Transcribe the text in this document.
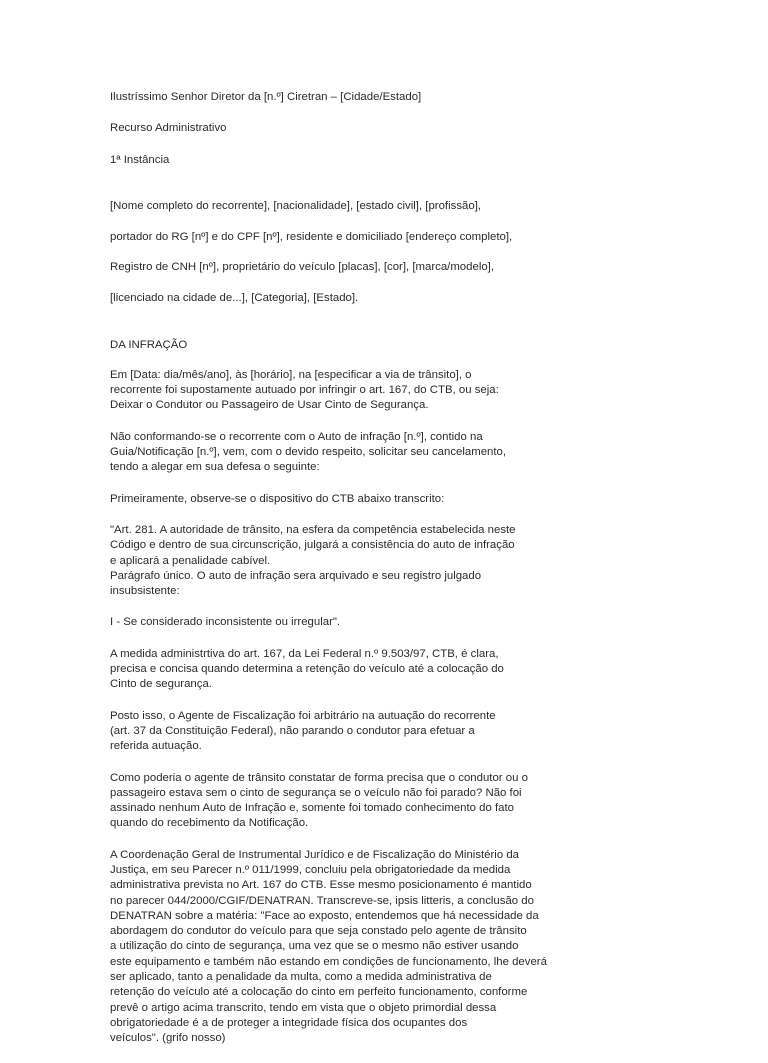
Ilustríssimo Senhor Diretor da [n.º] Ciretran – [Cidade/Estado]

Recurso Administrativo

1ª Instância

[Nome completo do recorrente], [nacionalidade], [estado civil], [profissão],

portador do RG [nº] e do CPF [nº], residente e domiciliado [endereço completo],

Registro de CNH [nº], proprietário do veículo [placas], [cor], [marca/modelo],

[licenciado na cidade de...], [Categoria], [Estado].

DA INFRAÇÃO

Em [Data: dia/mês/ano], às [horário], na [especificar a via de trânsito], o
recorrente foi supostamente autuado por infringir o art. 167, do CTB, ou seja:
Deixar o Condutor ou Passageiro de Usar Cinto de Segurança.

Não conformando-se o recorrente com o Auto de infração [n.º], contido na
Guia/Notificação [n.º], vem, com o devido respeito, solicitar seu cancelamento,
tendo a alegar em sua defesa o seguinte:

Primeiramente, observe-se o dispositivo do CTB abaixo transcrito:

"Art. 281. A autoridade de trânsito, na esfera da competência estabelecida neste
Código e dentro de sua circunscrição, julgará a consistência do auto de infração
e aplicará a penalidade cabível.
Parágrafo único. O auto de infração sera arquivado e seu registro julgado
insubsistente:

I - Se considerado inconsistente ou irregular".

A medida administrtiva do art. 167, da Lei Federal n.º 9.503/97, CTB, é clara,
precisa e concisa quando determina a retenção do veículo até a colocação do
Cinto de segurança.

Posto isso, o Agente de Fiscalização foi arbitrário na autuação do recorrente
(art. 37 da Constituição Federal), não parando o condutor para efetuar a
referida autuação.

Como poderia o agente de trânsito constatar de forma precisa que o condutor ou o
passageiro estava sem o cinto de segurança se o veículo não foi parado? Não foi
assinado nenhum Auto de Infração e, somente foi tomado conhecimento do fato
quando do recebimento da Notificação.

A Coordenação Geral de Instrumental Jurídico e de Fiscalização do Ministério da
Justiça, em seu Parecer n.º 011/1999, concluiu pela obrigatoriedade da medida
administrativa prevista no Art. 167 do CTB. Esse mesmo posicionamento é mantido
no parecer 044/2000/CGIF/DENATRAN. Transcreve-se, ipsis litteris, a conclusão do
DENATRAN sobre a matéria: "Face ao exposto, entendemos que há necessidade da
abordagem do condutor do veículo para que seja constado pelo agente de trânsito
a utilização do cinto de segurança, uma vez que se o mesmo não estiver usando
este equipamento e também não estando em condições de funcionamento, lhe deverá
ser aplicado, tanto a penalidade da multa, como a medida administrativa de
retenção do veículo até a colocação do cinto em perfeito funcionamento, conforme
prevê o artigo acima transcrito, tendo em vista que o objeto primordial dessa
obrigatoriedade é a de proteger a integridade física dos ocupantes dos
veículos". (grifo nosso)
